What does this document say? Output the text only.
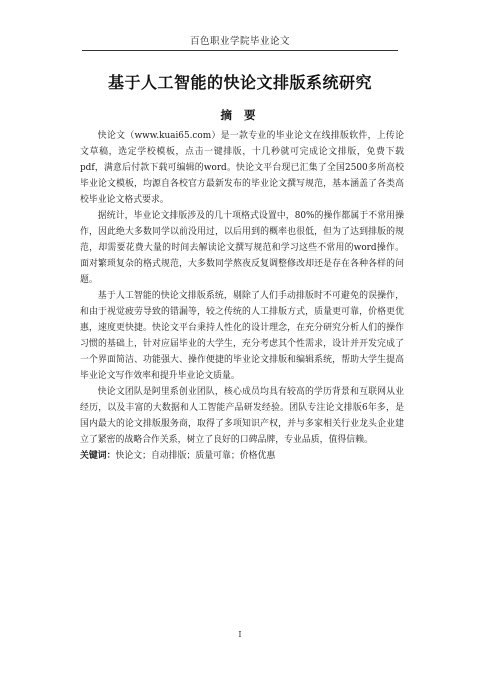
百色职业学院毕业论文
基于人工智能的快论文排版系统研究
摘 要

快论文（www.kuai65.com）是一款专业的毕业论文在线排版软件，上传论文草稿，选定学校模板，点击一键排版，十几秒就可完成论文排版，免费下载pdf，满意后付款下载可编辑的word。快论文平台现已汇集了全国2500多所高校毕业论文模板，均源自各校官方最新发布的毕业论文撰写规范，基本涵盖了各类高校毕业论文格式要求。

据统计，毕业论文排版涉及的几十项格式设置中，80%的操作都属于不常用操作，因此绝大多数同学以前没用过，以后用到的概率也很低，但为了达到排版的规范，却需要花费大量的时间去解读论文撰写规范和学习这些不常用的word操作。面对繁琐复杂的格式规范，大多数同学熬夜反复调整修改却还是存在各种各样的问题。

基于人工智能的快论文排版系统，剔除了人们手动排版时不可避免的误操作，和由于视觉疲劳导致的错漏等，较之传统的人工排版方式，质量更可靠，价格更优惠，速度更快捷。快论文平台秉持人性化的设计理念，在充分研究分析人们的操作习惯的基础上，针对应届毕业的大学生，充分考虑其个性需求，设计并开发完成了一个界面简洁、功能强大、操作便捷的毕业论文排版和编辑系统，帮助大学生提高毕业论文写作效率和提升毕业论文质量。

快论文团队是阿里系创业团队，核心成员均具有较高的学历背景和互联网从业经历，以及丰富的大数据和人工智能产品研发经验。团队专注论文排版6年多，是国内最大的论文排版服务商，取得了多项知识产权，并与多家相关行业龙头企业建立了紧密的战略合作关系，树立了良好的口碑品牌，专业品质，值得信赖。

关键词：快论文；自动排版；质量可靠；价格优惠

I
